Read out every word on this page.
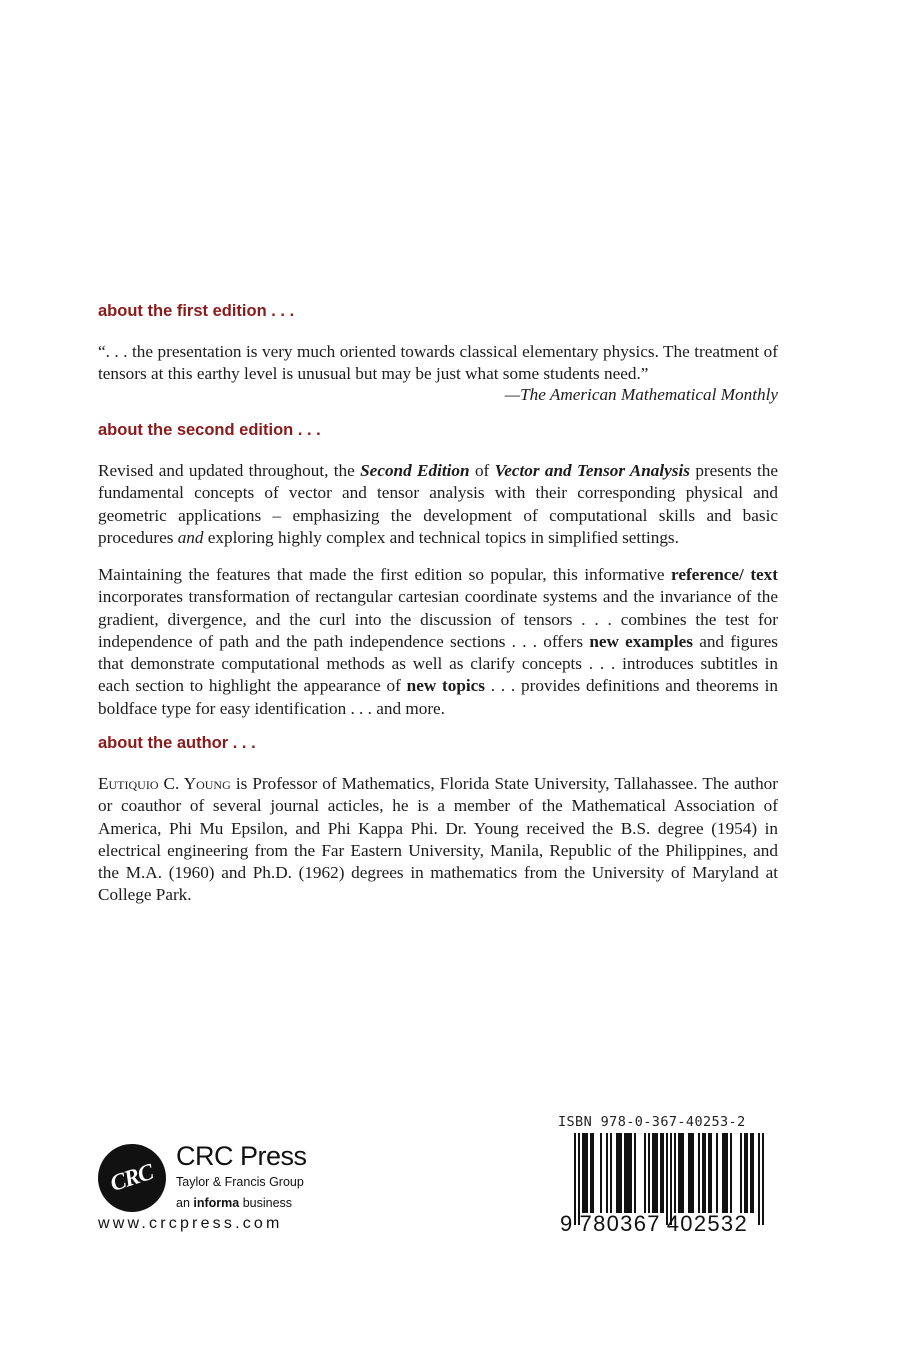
about the first edition . . .

“. . . the presentation is very much oriented towards classical elementary physics. The treatment of tensors at this earthy level is unusual but may be just what some students need.”

—The American Mathematical Monthly

about the second edition . . .

Revised and updated throughout, the Second Edition of Vector and Tensor Analysis presents the fundamental concepts of vector and tensor analysis with their corresponding physical and geometric applications – emphasizing the development of computational skills and basic procedures and exploring highly complex and technical topics in simplified settings.

Maintaining the features that made the first edition so popular, this informative reference/ text incorporates transformation of rectangular cartesian coordinate systems and the invariance of the gradient, divergence, and the curl into the discussion of tensors . . . combines the test for independence of path and the path independence sections . . . offers new examples and figures that demonstrate computational methods as well as clarify concepts . . . introduces subtitles in each section to highlight the appearance of new topics . . . provides definitions and theorems in boldface type for easy identification . . . and more.

about the author . . .

Eutiquio C. Young is Professor of Mathematics, Florida State University, Tallahassee. The author or coauthor of several journal acticles, he is a member of the Mathematical Association of America, Phi Mu Epsilon, and Phi Kappa Phi. Dr. Young received the B.S. degree (1954) in electrical engineering from the Far Eastern University, Manila, Republic of the Philippines, and the M.A. (1960) and Ph.D. (1962) degrees in mathematics from the University of Maryland at College Park.

CRC

CRC Press

Taylor & Francis Group

an informa business

www.crcpress.com

ISBN 978-0-367-40253-2

9 780367 402532
